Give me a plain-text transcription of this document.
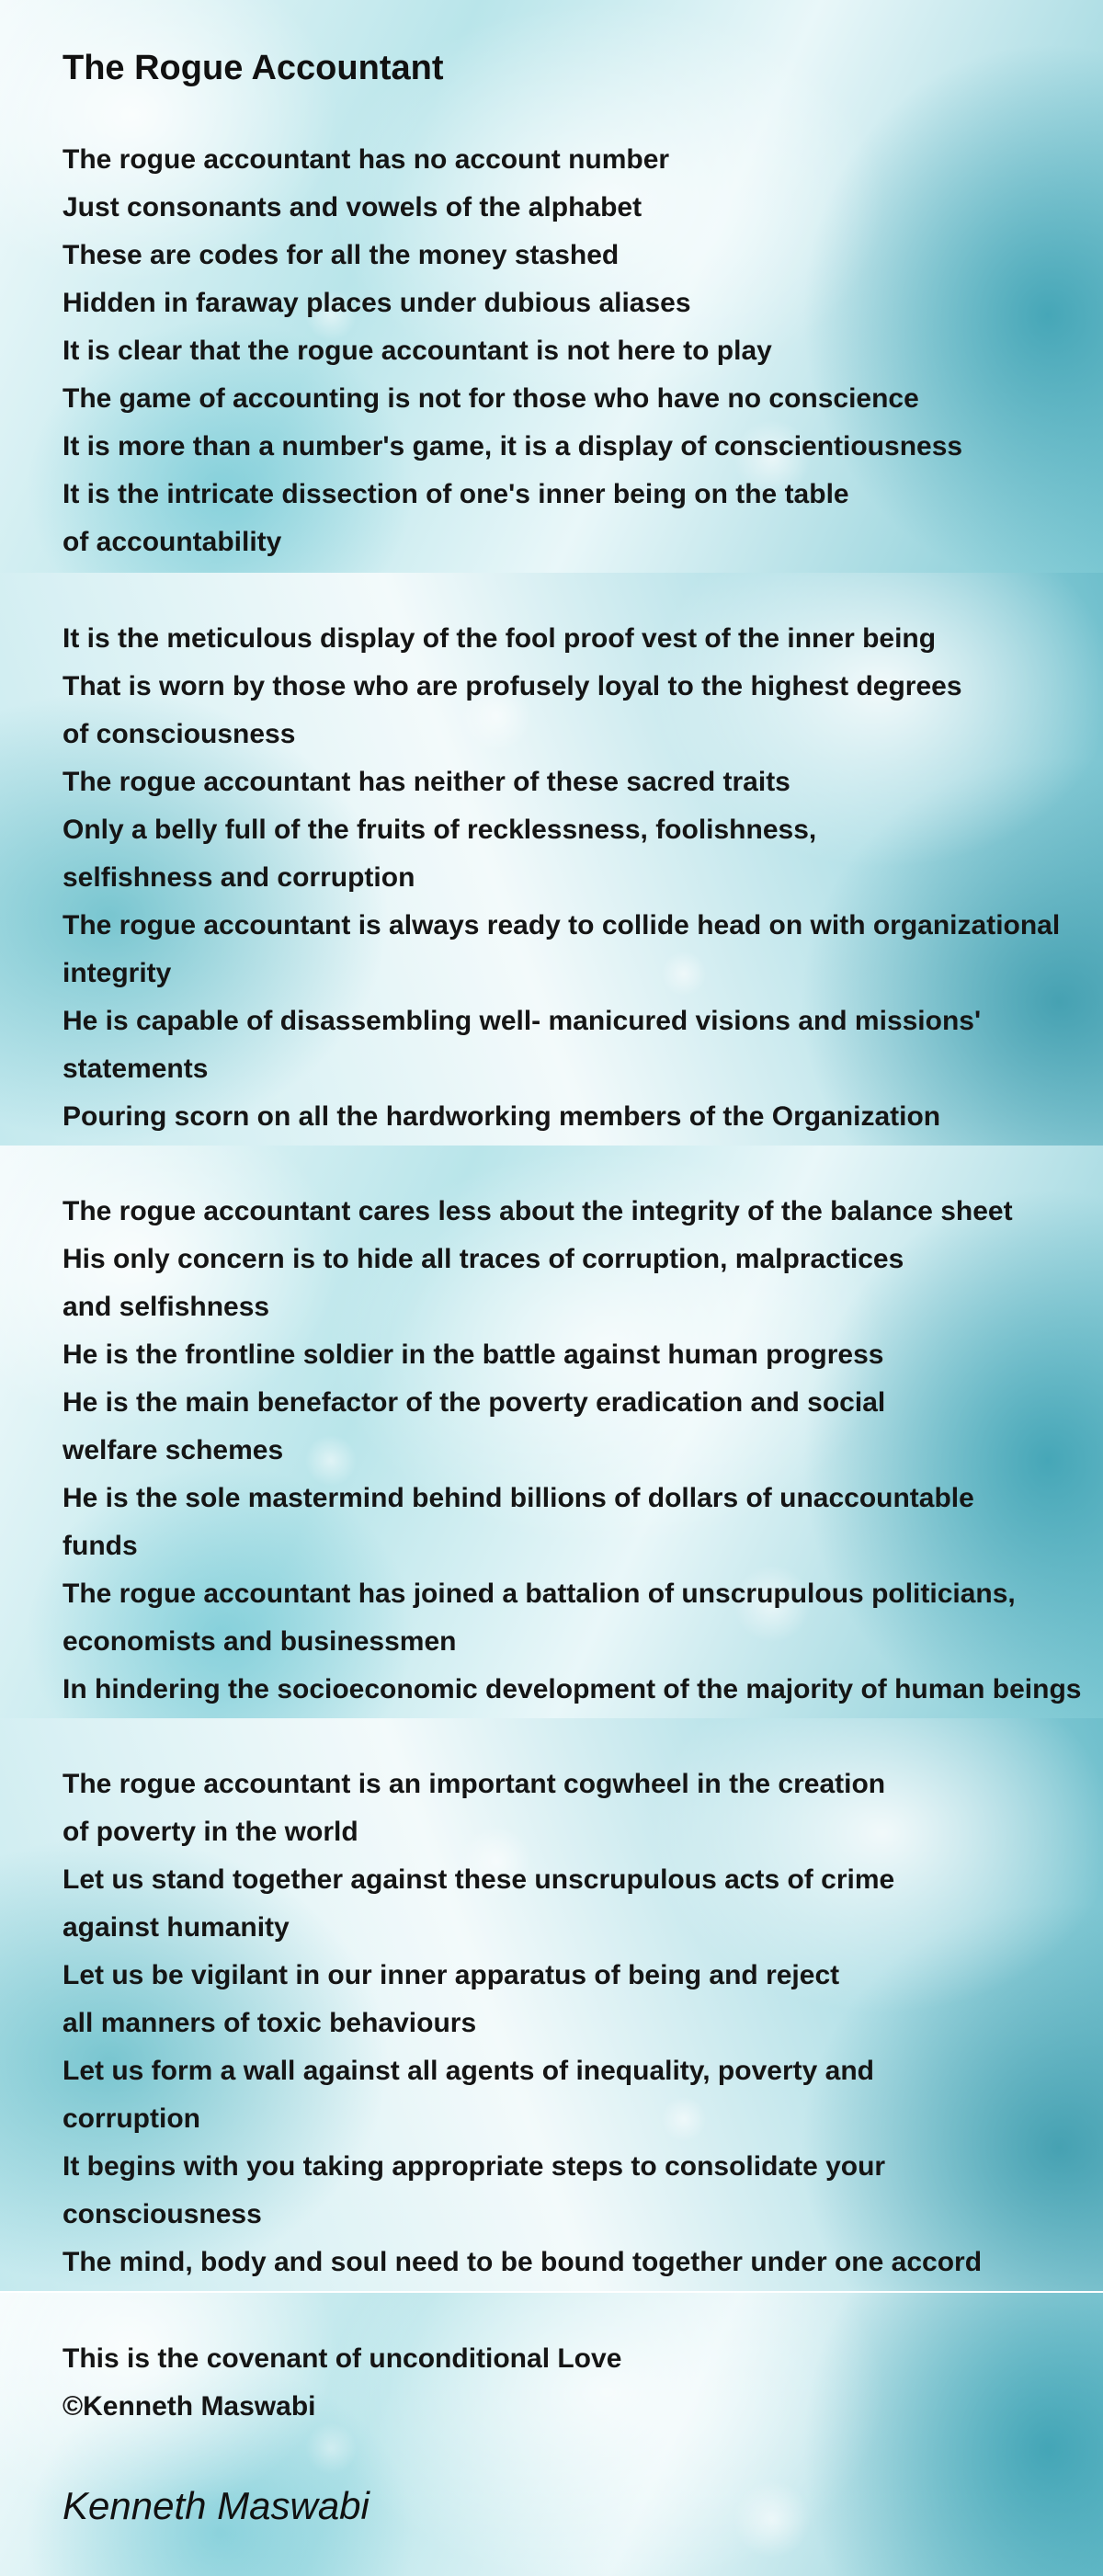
The Rogue Accountant
The rogue accountant has no account number
Just consonants and vowels of the alphabet
These are codes for all the money stashed
Hidden in faraway places under dubious aliases
It is clear that the rogue accountant is not here to play
The game of accounting is not for those who have no conscience
It is more than a number's game, it is a display of conscientiousness
It is the intricate dissection of one's inner being on the table
of accountability
It is the meticulous display of the fool proof vest of the inner being
That is worn by those who are profusely loyal to the highest degrees
of consciousness
The rogue accountant has neither of these sacred traits
Only a belly full of the fruits of recklessness, foolishness,
selfishness and corruption
The rogue accountant is always ready to collide head on with organizational
integrity
He is capable of disassembling well- manicured visions and missions'
statements
Pouring scorn on all the hardworking members of the Organization
The rogue accountant cares less about the integrity of the balance sheet
His only concern is to hide all traces of corruption, malpractices
and selfishness
He is the frontline soldier in the battle against human progress
He is the main benefactor of the poverty eradication and social
welfare schemes
He is the sole mastermind behind billions of dollars of unaccountable
funds
The rogue accountant has joined a battalion of unscrupulous politicians,
economists and businessmen
In hindering the socioeconomic development of the majority of human beings
The rogue accountant is an important cogwheel in the creation
of poverty in the world
Let us stand together against these unscrupulous acts of crime
against humanity
Let us be vigilant in our inner apparatus of being and reject
all manners of toxic behaviours
Let us form a wall against all agents of inequality, poverty and
corruption
It begins with you taking appropriate steps to consolidate your
consciousness
The mind, body and soul need to be bound together under one accord
This is the covenant of unconditional Love
©Kenneth Maswabi

Kenneth Maswabi
